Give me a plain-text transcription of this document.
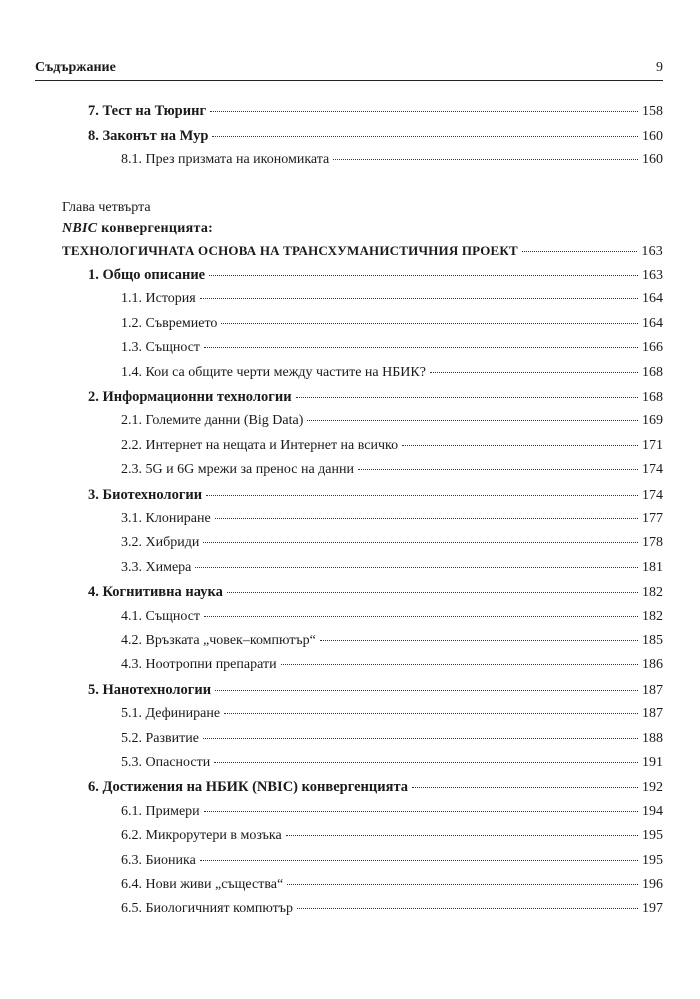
Съдържание	9
7. Тест на Тюринг	158
8. Законът на Мур	160
8.1. През призмата на икономиката	160
Глава четвърта
NBIC конвергенцията:
ТЕХНОЛОГИЧНАТА ОСНОВА НА ТРАНСХУМАНИСТИЧНИЯ ПРОЕКТ	163
1. Общо описание	163
1.1. История	164
1.2. Съвремието	164
1.3. Същност	166
1.4. Кои са общите черти между частите на НБИК?	168
2. Информационни технологии	168
2.1. Големите данни (Big Data)	169
2.2. Интернет на нещата и Интернет на всичко	171
2.3. 5G и 6G мрежи за пренос на данни	174
3. Биотехнологии	174
3.1. Клониране	177
3.2. Хибриди	178
3.3. Химера	181
4. Когнитивна наука	182
4.1. Същност	182
4.2. Връзката „човек–компютър“	185
4.3. Ноотропни препарати	186
5. Нанотехнологии	187
5.1. Дефиниране	187
5.2. Развитие	188
5.3. Опасности	191
6. Достижения на НБИК (NBIC) конвергенцията	192
6.1. Примери	194
6.2. Микрорутери в мозъка	195
6.3. Бионика	195
6.4. Нови живи „същества“	196
6.5. Биологичният компютър	197
